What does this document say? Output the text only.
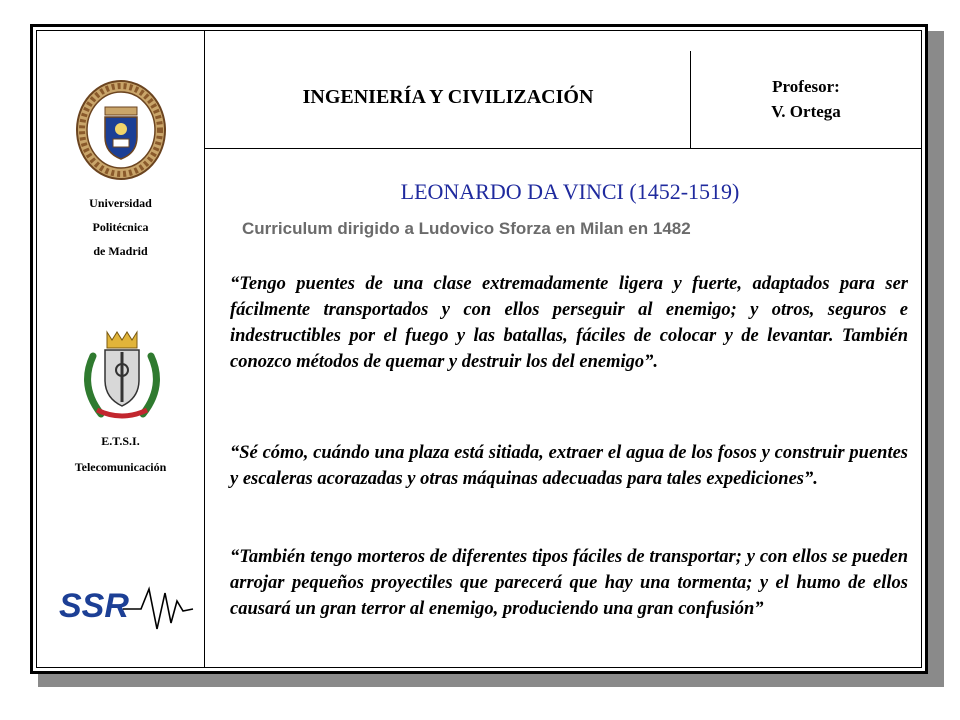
INGENIERÍA Y CIVILIZACIÓN	Profesor:
V. Ortega
Universidad
Politécnica
de Madrid
E.T.S.I.
Telecomunicación
SSR
LEONARDO DA VINCI (1452-1519)
Curriculum dirigido a Ludovico Sforza en Milan en 1482
“Tengo puentes de una clase extremadamente ligera y fuerte, adaptados para ser fácilmente transportados y con ellos perseguir al enemigo; y otros, seguros e indestructibles por el fuego y las batallas, fáciles de colocar y de levantar. También conozco métodos de quemar y destruir los del enemigo”.
“Sé cómo, cuándo una plaza está sitiada, extraer el agua de los fosos y construir puentes y escaleras acorazadas y otras máquinas adecuadas para tales expediciones”.
“También tengo morteros de diferentes tipos fáciles de transportar; y con ellos se pueden arrojar pequeños proyectiles que parecerá que hay una tormenta; y el humo de ellos causará un gran terror al enemigo, produciendo una gran confusión”
